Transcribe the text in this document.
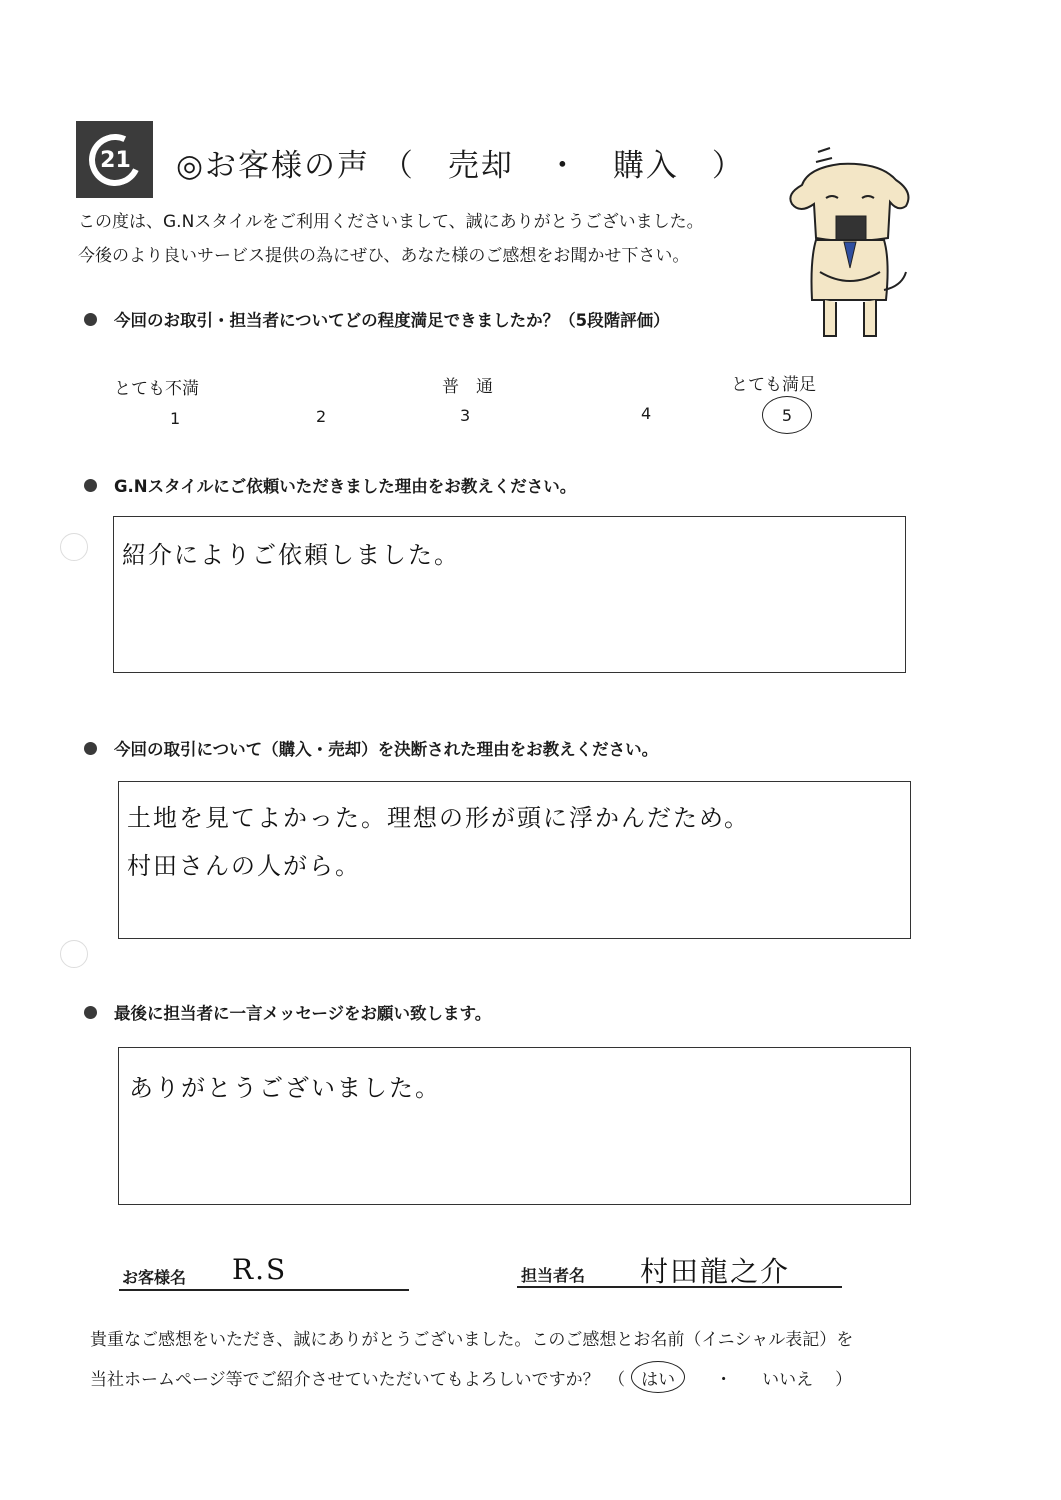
21 ◎お客様の声 （　売却　・　購入　）
この度は、G.Nスタイルをご利用くださいまして、誠にありがとうございました。
今後のより良いサービス提供の為にぜひ、あなた様のご感想をお聞かせ下さい。
今回のお取引・担当者についてどの程度満足できましたか？（5段階評価）
とても不満	普　通	とても満足
1	2	3	4	5
G.Nスタイルにご依頼いただきました理由をお教えください。
紹介によりご依頼しました。
今回の取引について（購入・売却）を決断された理由をお教えください。
土地を見てよかった。理想の形が頭に浮かんだため。
村田さんの人がら。
最後に担当者に一言メッセージをお願い致します。
ありがとうございました。
お客様名 R.S	担当者名 村田龍之介
貴重なご感想をいただき、誠にありがとうございました。このご感想とお名前（イニシャル表記）を
当社ホームページ等でご紹介させていただいてもよろしいですか？　（ はい ・ いいえ ）
